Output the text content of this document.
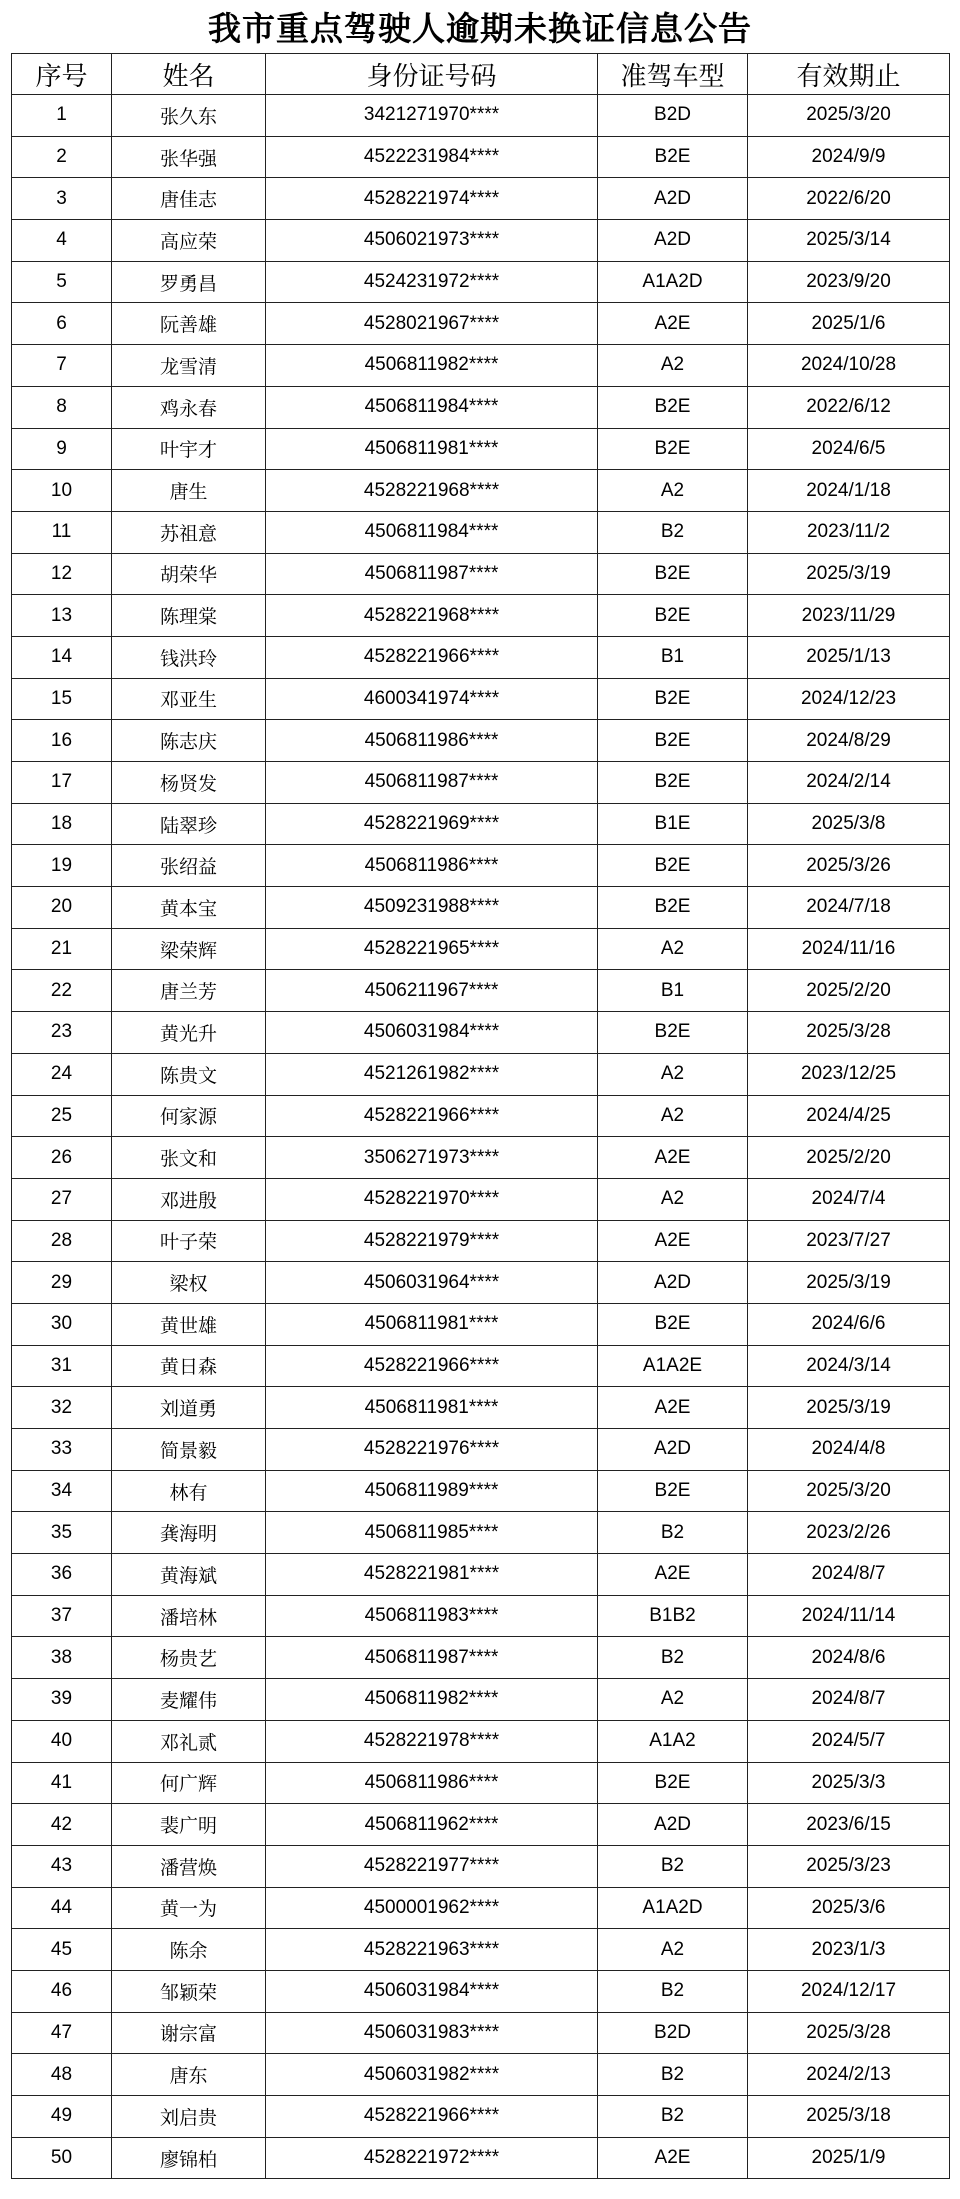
我市重点驾驶人逾期未换证信息公告
序号	姓名	身份证号码	准驾车型	有效期止
1	张久东	3421271970****	B2D	2025/3/20
2	张华强	4522231984****	B2E	2024/9/9
3	唐佳志	4528221974****	A2D	2022/6/20
4	高应荣	4506021973****	A2D	2025/3/14
5	罗勇昌	4524231972****	A1A2D	2023/9/20
6	阮善雄	4528021967****	A2E	2025/1/6
7	龙雪清	4506811982****	A2	2024/10/28
8	鸡永春	4506811984****	B2E	2022/6/12
9	叶宇才	4506811981****	B2E	2024/6/5
10	唐生	4528221968****	A2	2024/1/18
11	苏祖意	4506811984****	B2	2023/11/2
12	胡荣华	4506811987****	B2E	2025/3/19
13	陈理棠	4528221968****	B2E	2023/11/29
14	钱洪玲	4528221966****	B1	2025/1/13
15	邓亚生	4600341974****	B2E	2024/12/23
16	陈志庆	4506811986****	B2E	2024/8/29
17	杨贤发	4506811987****	B2E	2024/2/14
18	陆翠珍	4528221969****	B1E	2025/3/8
19	张绍益	4506811986****	B2E	2025/3/26
20	黄本宝	4509231988****	B2E	2024/7/18
21	梁荣辉	4528221965****	A2	2024/11/16
22	唐兰芳	4506211967****	B1	2025/2/20
23	黄光升	4506031984****	B2E	2025/3/28
24	陈贵文	4521261982****	A2	2023/12/25
25	何家源	4528221966****	A2	2024/4/25
26	张文和	3506271973****	A2E	2025/2/20
27	邓进殷	4528221970****	A2	2024/7/4
28	叶子荣	4528221979****	A2E	2023/7/27
29	梁权	4506031964****	A2D	2025/3/19
30	黄世雄	4506811981****	B2E	2024/6/6
31	黄日森	4528221966****	A1A2E	2024/3/14
32	刘道勇	4506811981****	A2E	2025/3/19
33	简景毅	4528221976****	A2D	2024/4/8
34	林有	4506811989****	B2E	2025/3/20
35	龚海明	4506811985****	B2	2023/2/26
36	黄海斌	4528221981****	A2E	2024/8/7
37	潘培林	4506811983****	B1B2	2024/11/14
38	杨贵艺	4506811987****	B2	2024/8/6
39	麦耀伟	4506811982****	A2	2024/8/7
40	邓礼贰	4528221978****	A1A2	2024/5/7
41	何广辉	4506811986****	B2E	2025/3/3
42	裴广明	4506811962****	A2D	2023/6/15
43	潘营焕	4528221977****	B2	2025/3/23
44	黄一为	4500001962****	A1A2D	2025/3/6
45	陈余	4528221963****	A2	2023/1/3
46	邹颖荣	4506031984****	B2	2024/12/17
47	谢宗富	4506031983****	B2D	2025/3/28
48	唐东	4506031982****	B2	2024/2/13
49	刘启贵	4528221966****	B2	2025/3/18
50	廖锦柏	4528221972****	A2E	2025/1/9
